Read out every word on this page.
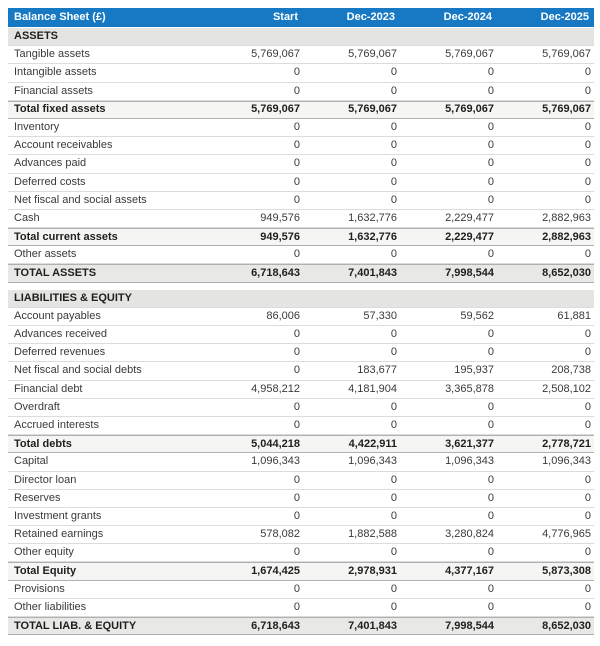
Balance Sheet (£)	Start	Dec-2023	Dec-2024	Dec-2025
ASSETS
Tangible assets	5,769,067	5,769,067	5,769,067	5,769,067
Intangible assets	0	0	0	0
Financial assets	0	0	0	0
Total fixed assets	5,769,067	5,769,067	5,769,067	5,769,067
Inventory	0	0	0	0
Account receivables	0	0	0	0
Advances paid	0	0	0	0
Deferred costs	0	0	0	0
Net fiscal and social assets	0	0	0	0
Cash	949,576	1,632,776	2,229,477	2,882,963
Total current assets	949,576	1,632,776	2,229,477	2,882,963
Other assets	0	0	0	0
TOTAL ASSETS	6,718,643	7,401,843	7,998,544	8,652,030
LIABILITIES & EQUITY
Account payables	86,006	57,330	59,562	61,881
Advances received	0	0	0	0
Deferred revenues	0	0	0	0
Net fiscal and social debts	0	183,677	195,937	208,738
Financial debt	4,958,212	4,181,904	3,365,878	2,508,102
Overdraft	0	0	0	0
Accrued interests	0	0	0	0
Total debts	5,044,218	4,422,911	3,621,377	2,778,721
Capital	1,096,343	1,096,343	1,096,343	1,096,343
Director loan	0	0	0	0
Reserves	0	0	0	0
Investment grants	0	0	0	0
Retained earnings	578,082	1,882,588	3,280,824	4,776,965
Other equity	0	0	0	0
Total Equity	1,674,425	2,978,931	4,377,167	5,873,308
Provisions	0	0	0	0
Other liabilities	0	0	0	0
TOTAL LIAB. & EQUITY	6,718,643	7,401,843	7,998,544	8,652,030
